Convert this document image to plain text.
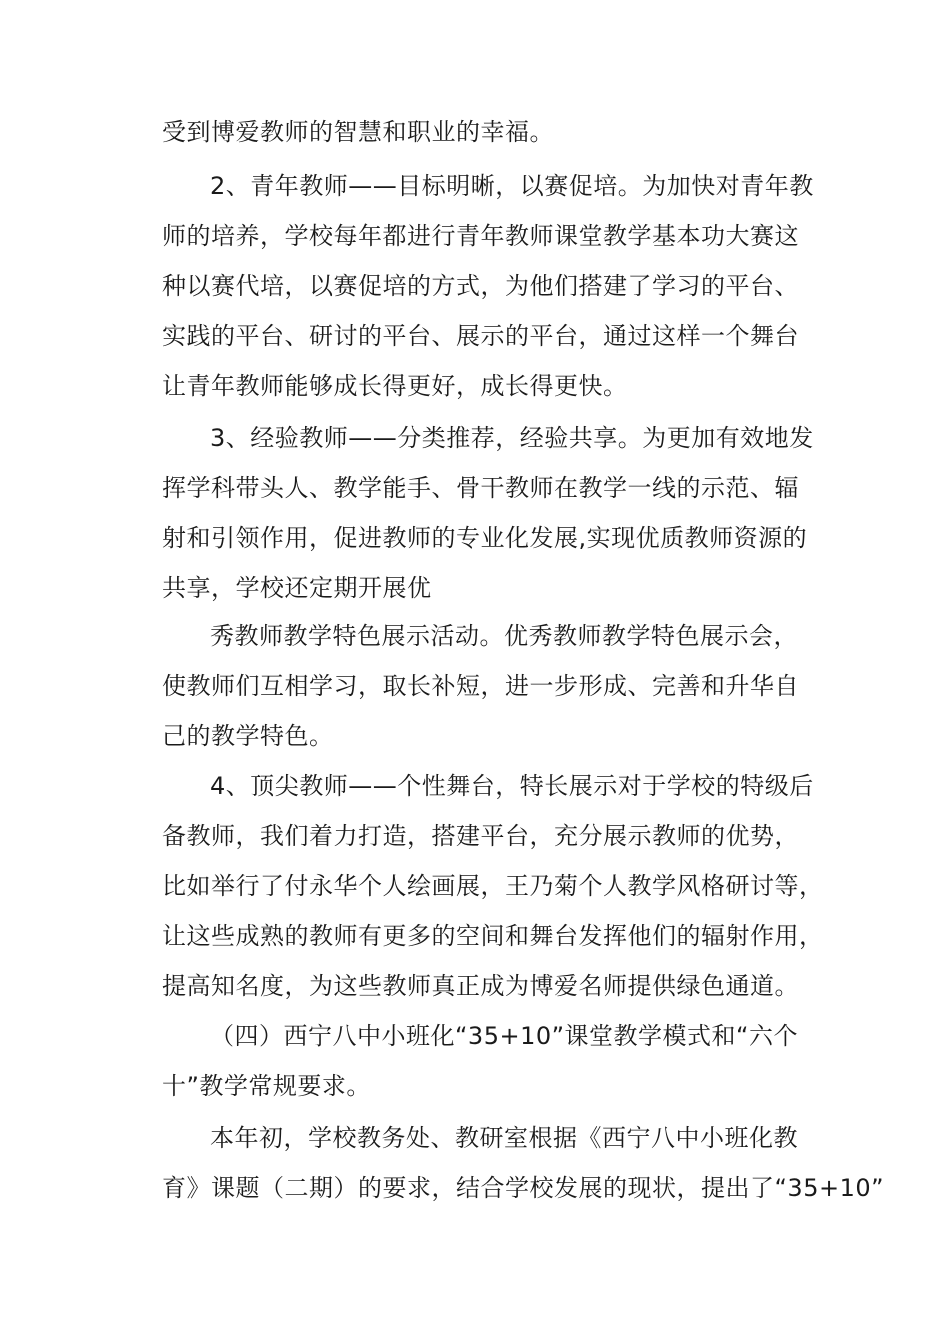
受到博爱教师的智慧和职业的幸福。
2、青年教师——目标明晰，以赛促培。为加快对青年教
师的培养，学校每年都进行青年教师课堂教学基本功大赛这
种以赛代培，以赛促培的方式，为他们搭建了学习的平台、
实践的平台、研讨的平台、展示的平台，通过这样一个舞台
让青年教师能够成长得更好，成长得更快。
3、经验教师——分类推荐，经验共享。为更加有效地发
挥学科带头人、教学能手、骨干教师在教学一线的示范、辐
射和引领作用，促进教师的专业化发展,实现优质教师资源的
共享，学校还定期开展优
秀教师教学特色展示活动。优秀教师教学特色展示会，
使教师们互相学习，取长补短，进一步形成、完善和升华自
己的教学特色。
4、顶尖教师——个性舞台，特长展示对于学校的特级后
备教师，我们着力打造，搭建平台，充分展示教师的优势，
比如举行了付永华个人绘画展，王乃菊个人教学风格研讨等，
让这些成熟的教师有更多的空间和舞台发挥他们的辐射作用，
提高知名度，为这些教师真正成为博爱名师提供绿色通道。
（四）西宁八中小班化“35+10”课堂教学模式和“六个
十”教学常规要求。
本年初，学校教务处、教研室根据《西宁八中小班化教
育》课题（二期）的要求，结合学校发展的现状，提出了“35+10”
